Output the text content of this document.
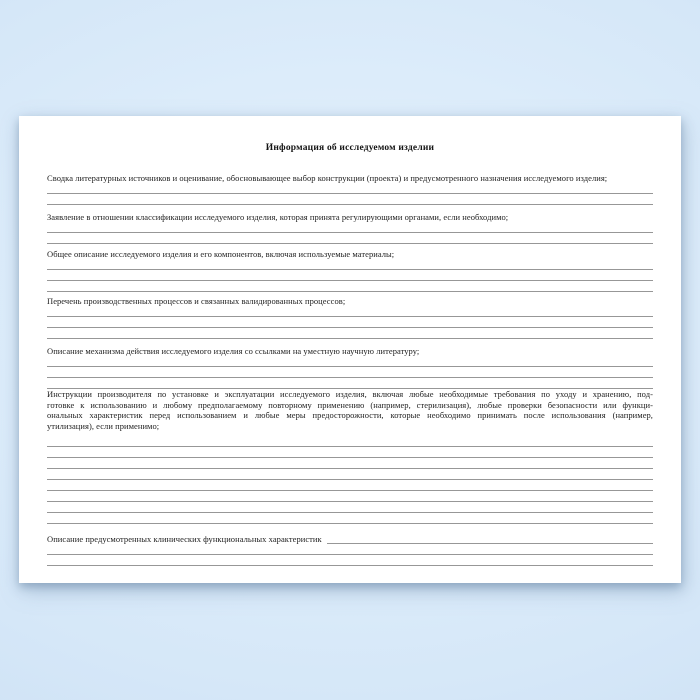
Информация об исследуемом изделии
Сводка литературных источников и оценивание, обосновывающее выбор конструкции (проекта) и предусмотренного назначения исследуемого изделия;
Заявление в отношении классификации исследуемого изделия, которая принята регулирующими органами, если необходимо;
Общее описание исследуемого изделия и его компонентов, включая используемые материалы;
Перечень производственных процессов и связанных валидированных процессов;
Описание механизма действия исследуемого изделия со ссылками на уместную научную литературу;
Инструкции производителя по установке и эксплуатации исследуемого изделия, включая любые необходимые требования по уходу и хранению, под-
готовке к использованию и любому предполагаемому повторному применению (например, стерилизация), любые проверки безопасности или функци-
ональных характеристик перед использованием и любые меры предосторожности, которые необходимо принимать после использования (например,
утилизация), если применимо;
Описание предусмотренных клинических функциональных характеристик
